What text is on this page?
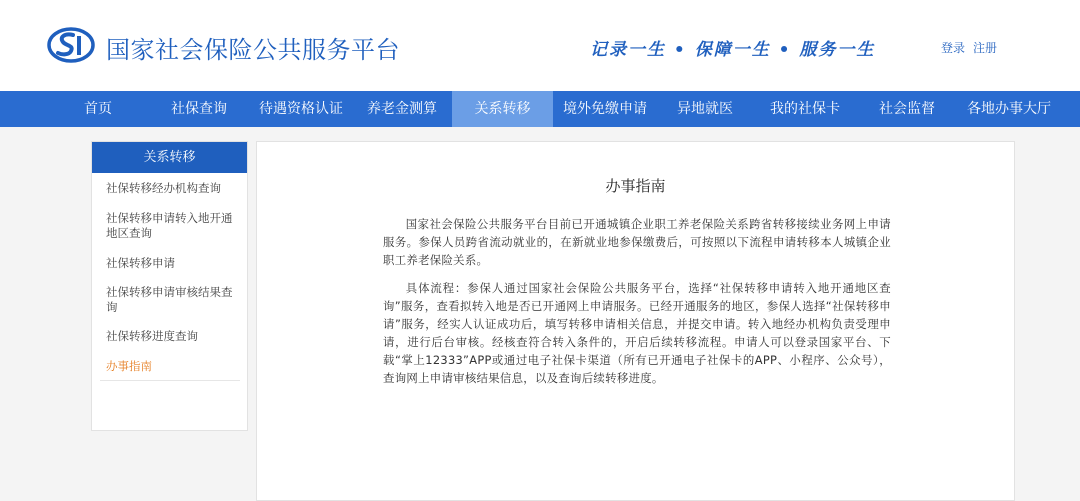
国家社会保险公共服务平台	记录一生 • 保障一生 • 服务一生	登录 注册
首页	社保查询	待遇资格认证	养老金测算	关系转移	境外免缴申请	异地就医	我的社保卡	社会监督	各地办事大厅
关系转移
社保转移经办机构查询
社保转移申请转入地开通地区查询
社保转移申请
社保转移申请审核结果查询
社保转移进度查询
办事指南
办事指南
国家社会保险公共服务平台目前已开通城镇企业职工养老保险关系跨省转移接续业务网上申请服务。参保人员跨省流动就业的，在新就业地参保缴费后，可按照以下流程申请转移本人城镇企业职工养老保险关系。
具体流程：参保人通过国家社会保险公共服务平台，选择“社保转移申请转入地开通地区查询”服务，查看拟转入地是否已开通网上申请服务。已经开通服务的地区，参保人选择“社保转移申请”服务，经实人认证成功后，填写转移申请相关信息，并提交申请。转入地经办机构负责受理申请，进行后台审核。经核查符合转入条件的，开启后续转移流程。申请人可以登录国家平台、下载“掌上12333”APP或通过电子社保卡渠道（所有已开通电子社保卡的APP、小程序、公众号），查询网上申请审核结果信息，以及查询后续转移进度。
